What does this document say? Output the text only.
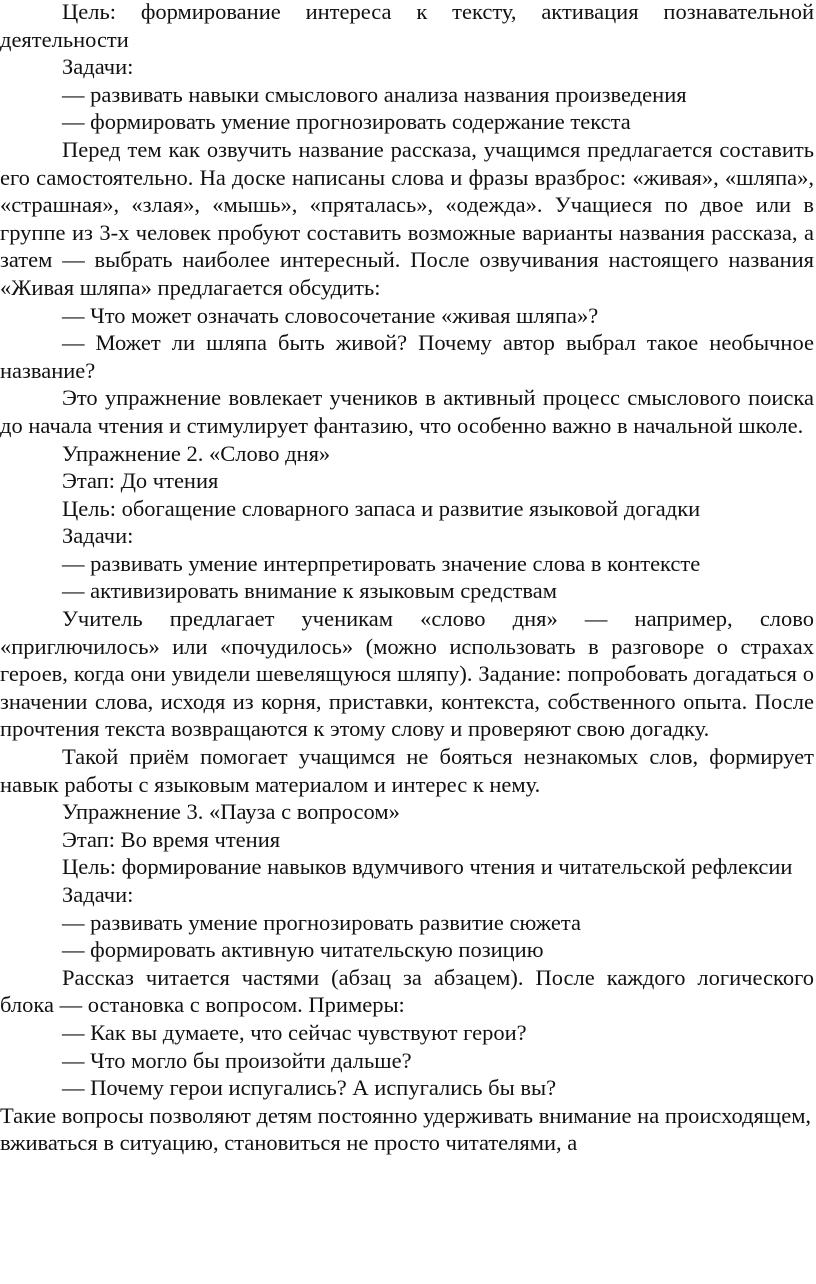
Цель: формирование интереса к тексту, активация познавательной деятельности

Задачи:

— развивать навыки смыслового анализа названия произведения

— формировать умение прогнозировать содержание текста

Перед тем как озвучить название рассказа, учащимся предлагается составить его самостоятельно. На доске написаны слова и фразы вразброс: «живая», «шляпа», «страшная», «злая», «мышь», «пряталась», «одежда». Учащиеся по двое или в группе из 3-х человек пробуют составить возможные варианты названия рассказа, а затем — выбрать наиболее интересный. После озвучивания настоящего названия «Живая шляпа» предлагается обсудить:

— Что может означать словосочетание «живая шляпа»?

— Может ли шляпа быть живой? Почему автор выбрал такое необычное название?

Это упражнение вовлекает учеников в активный процесс смыслового поиска до начала чтения и стимулирует фантазию, что особенно важно в начальной школе.

Упражнение 2. «Слово дня»

Этап: До чтения

Цель: обогащение словарного запаса и развитие языковой догадки

Задачи:

— развивать умение интерпретировать значение слова в контексте

— активизировать внимание к языковым средствам

Учитель предлагает ученикам «слово дня» — например, слово «приглючилось» или «почудилось» (можно использовать в разговоре о страхах героев, когда они увидели шевелящуюся шляпу). Задание: попробовать догадаться о значении слова, исходя из корня, приставки, контекста, собственного опыта. После прочтения текста возвращаются к этому слову и проверяют свою догадку.

Такой приём помогает учащимся не бояться незнакомых слов, формирует навык работы с языковым материалом и интерес к нему.

Упражнение 3. «Пауза с вопросом»

Этап: Во время чтения

Цель: формирование навыков вдумчивого чтения и читательской рефлексии

Задачи:

— развивать умение прогнозировать развитие сюжета

— формировать активную читательскую позицию

Рассказ читается частями (абзац за абзацем). После каждого логического блока — остановка с вопросом. Примеры:

— Как вы думаете, что сейчас чувствуют герои?

— Что могло бы произойти дальше?

— Почему герои испугались? А испугались бы вы?

Такие вопросы позволяют детям постоянно удерживать внимание на происходящем, вживаться в ситуацию, становиться не просто читателями, а
